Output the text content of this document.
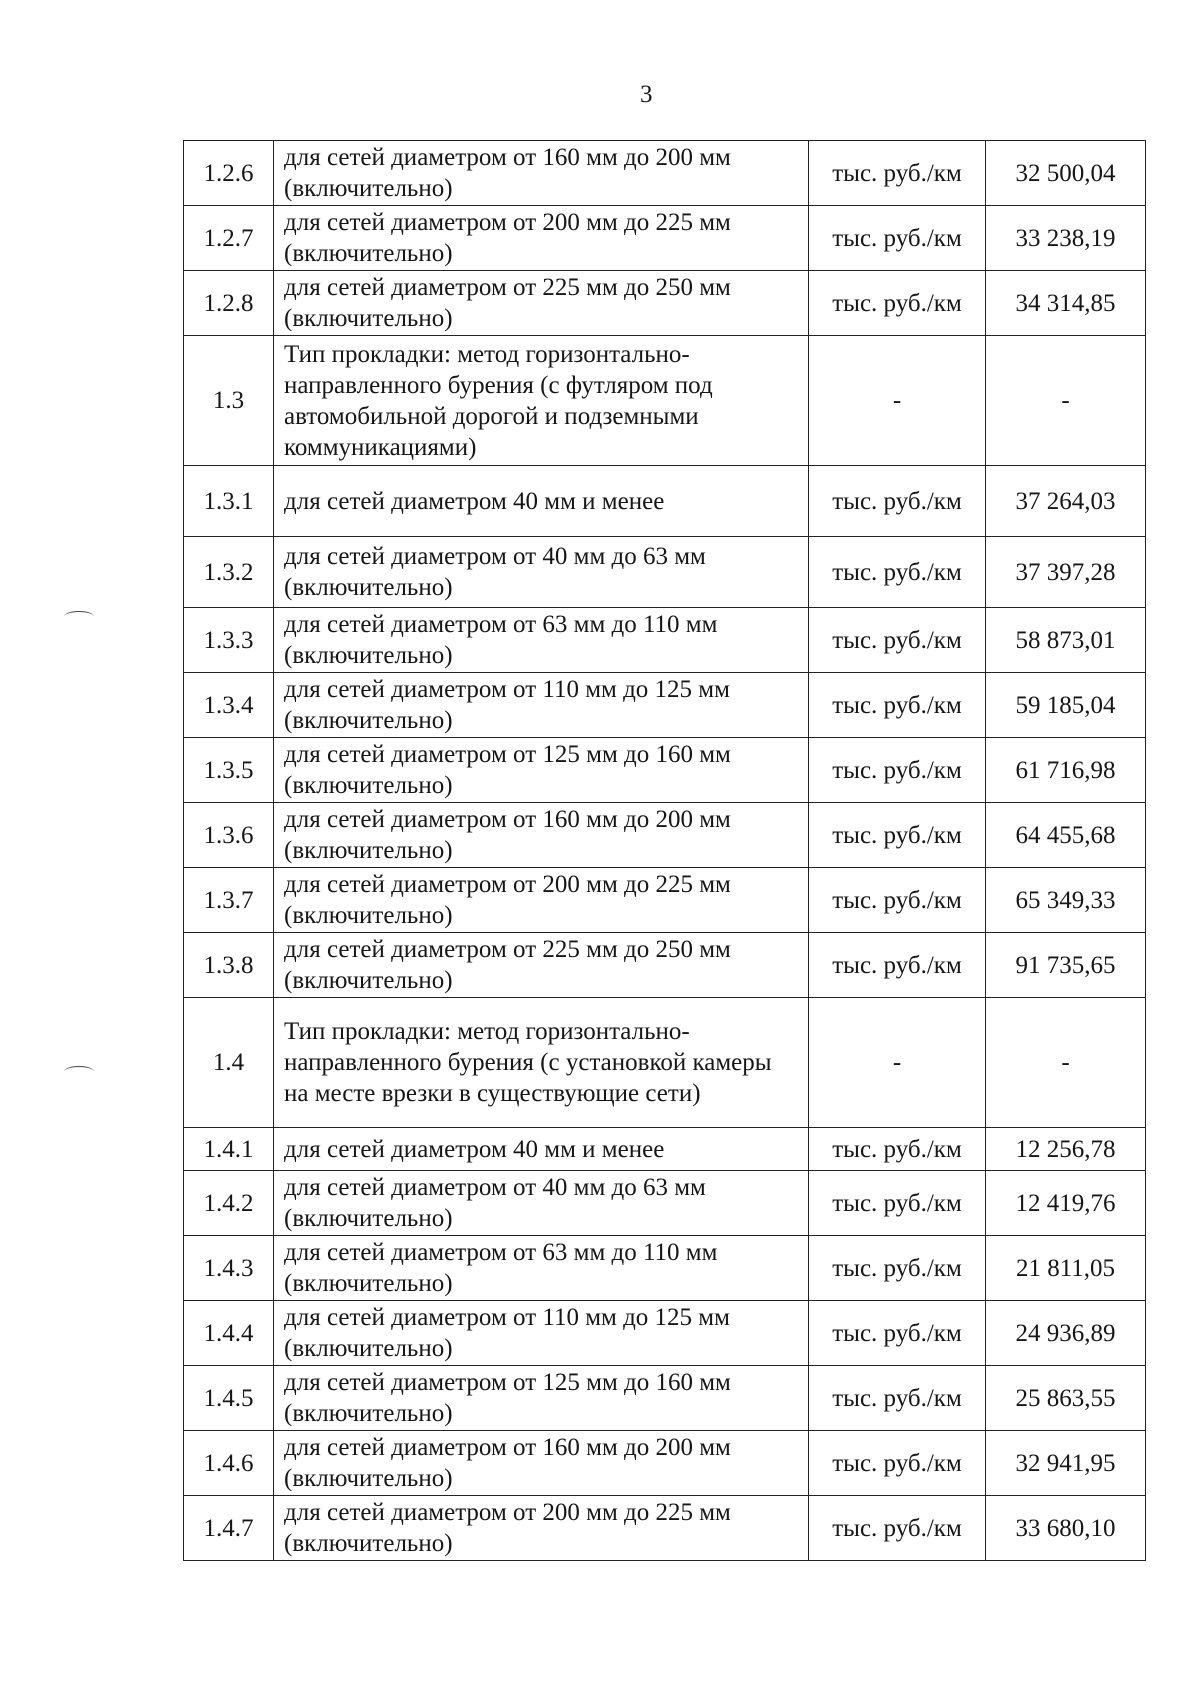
3
1.2.6	для сетей диаметром от 160 мм до 200 мм (включительно)	тыс. руб./км	32 500,04
1.2.7	для сетей диаметром от 200 мм до 225 мм (включительно)	тыс. руб./км	33 238,19
1.2.8	для сетей диаметром от 225 мм до 250 мм (включительно)	тыс. руб./км	34 314,85
1.3	Тип прокладки: метод горизонтально-направленного бурения (с футляром под автомобильной дорогой и подземными коммуникациями)	-	-
1.3.1	для сетей диаметром 40 мм и менее	тыс. руб./км	37 264,03
1.3.2	для сетей диаметром от 40 мм до 63 мм (включительно)	тыс. руб./км	37 397,28
1.3.3	для сетей диаметром от 63 мм до 110 мм (включительно)	тыс. руб./км	58 873,01
1.3.4	для сетей диаметром от 110 мм до 125 мм (включительно)	тыс. руб./км	59 185,04
1.3.5	для сетей диаметром от 125 мм до 160 мм (включительно)	тыс. руб./км	61 716,98
1.3.6	для сетей диаметром от 160 мм до 200 мм (включительно)	тыс. руб./км	64 455,68
1.3.7	для сетей диаметром от 200 мм до 225 мм (включительно)	тыс. руб./км	65 349,33
1.3.8	для сетей диаметром от 225 мм до 250 мм (включительно)	тыс. руб./км	91 735,65
1.4	Тип прокладки: метод горизонтально-направленного бурения (с установкой камеры на месте врезки в существующие сети)	-	-
1.4.1	для сетей диаметром 40 мм и менее	тыс. руб./км	12 256,78
1.4.2	для сетей диаметром от 40 мм до 63 мм (включительно)	тыс. руб./км	12 419,76
1.4.3	для сетей диаметром от 63 мм до 110 мм (включительно)	тыс. руб./км	21 811,05
1.4.4	для сетей диаметром от 110 мм до 125 мм (включительно)	тыс. руб./км	24 936,89
1.4.5	для сетей диаметром от 125 мм до 160 мм (включительно)	тыс. руб./км	25 863,55
1.4.6	для сетей диаметром от 160 мм до 200 мм (включительно)	тыс. руб./км	32 941,95
1.4.7	для сетей диаметром от 200 мм до 225 мм (включительно)	тыс. руб./км	33 680,10
